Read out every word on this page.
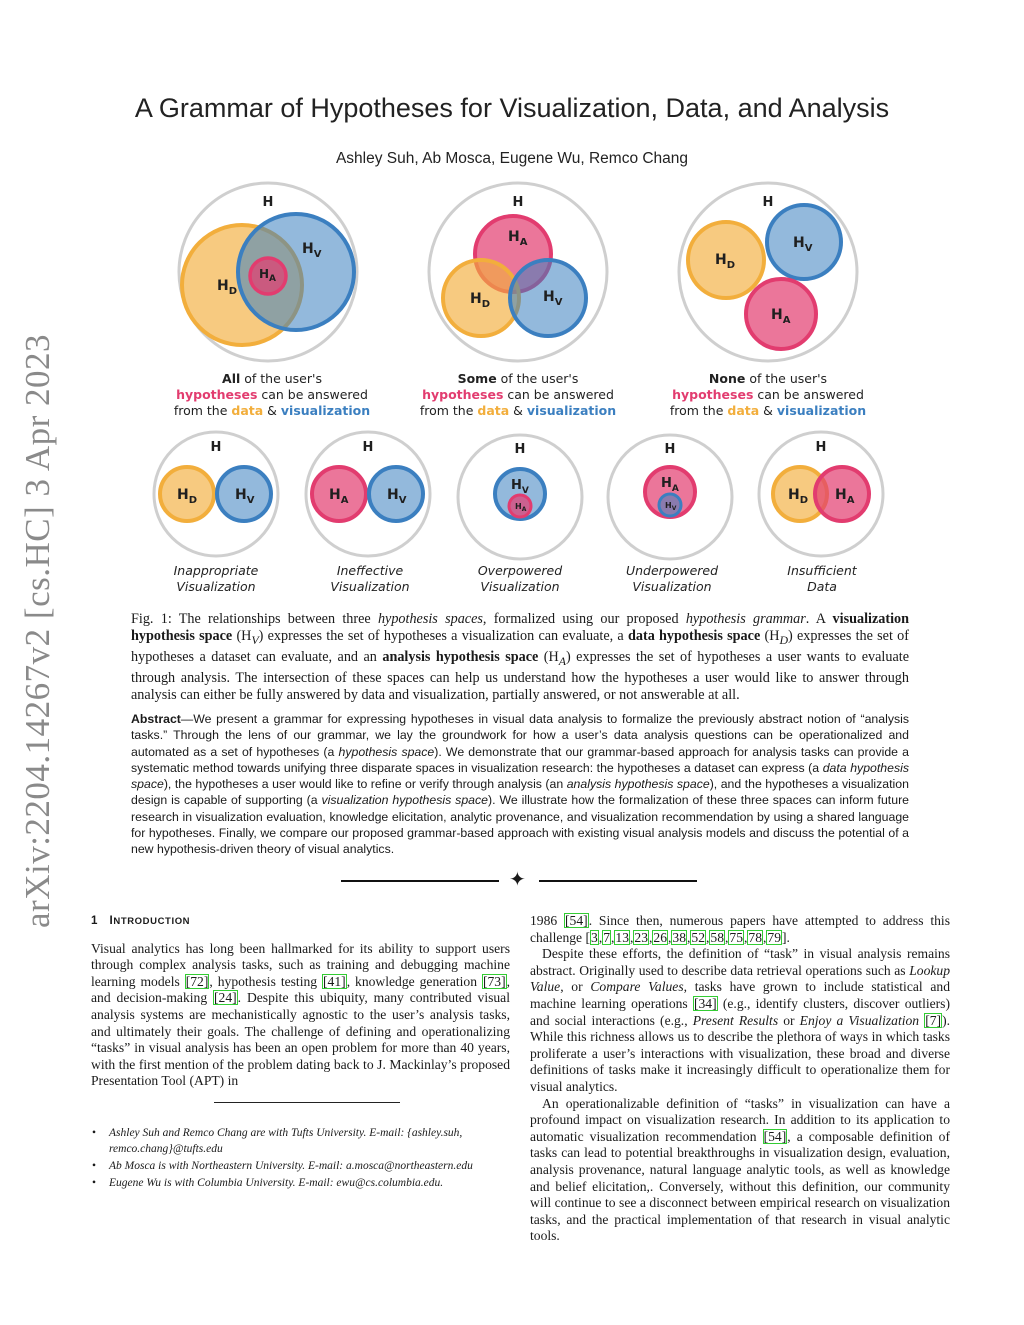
arXiv:2204.14267v2 [cs.HC] 3 Apr 2023
A Grammar of Hypotheses for Visualization, Data, and Analysis
Ashley Suh, Ab Mosca, Eugene Wu, Remco Chang
H
$H_D$
$H_V$
$H_A$
H
$H_A$
$H_D$	$H_V$
H
$H_D$
$H_V$
$H_A$
All of the user's
hypotheses can be answered
from the data & visualization
Some of the user's
hypotheses can be answered
from the data & visualization
None of the user's
hypotheses can be answered
from the data & visualization
H
$H_D$	$H_V$
H
$H_A$	$H_V$
H
$H_V$
$H_A$
H
$H_A$
$H_V$
H
$H_D$ $H_A$
Inappropriate
Visualization
Ineffective
Visualization
Overpowered
Visualization
Underpowered
Visualization
Insufficient
Data
Fig. 1: The relationships between three hypothesis spaces, formalized using our proposed hypothesis grammar. A visualization hypothesis space $(H_V)$ expresses the set of hypotheses a visualization can evaluate, a data hypothesis space $(H_D)$ expresses the set of hypotheses a dataset can evaluate, and an analysis hypothesis space $(H_A)$ expresses the set of hypotheses a user wants to evaluate through analysis. The intersection of these spaces can help us understand how the hypotheses a user would like to answer through analysis can either be fully answered by data and visualization, partially answered, or not answerable at all.
Abstract—We present a grammar for expressing hypotheses in visual data analysis to formalize the previously abstract notion of “analysis tasks.” Through the lens of our grammar, we lay the groundwork for how a user’s data analysis questions can be operationalized and automated as a set of hypotheses (a hypothesis space). We demonstrate that our grammar-based approach for analysis tasks can provide a systematic method towards unifying three disparate spaces in visualization research: the hypotheses a dataset can express (a data hypothesis space), the hypotheses a user would like to refine or verify through analysis (an analysis hypothesis space), and the hypotheses a visualization design is capable of supporting (a visualization hypothesis space). We illustrate how the formalization of these three spaces can inform future research in visualization evaluation, knowledge elicitation, analytic provenance, and visualization recommendation by using a shared language for hypotheses. Finally, we compare our proposed grammar-based approach with existing visual analysis models and discuss the potential of a new hypothesis-driven theory of visual analytics.
✦
1 INTRODUCTION

Visual analytics has long been hallmarked for its ability to support users through complex analysis tasks, such as training and debugging machine learning models [72], hypothesis testing [41], knowledge generation [73], and decision-making [24]. Despite this ubiquity, many contributed visual analysis systems are mechanistically agnostic to the user’s analysis tasks, and ultimately their goals. The challenge of defining and operationalizing “tasks” in visual analysis has been an open problem for more than 40 years, with the first mention of the problem dating back to J. Mackinlay’s proposed Presentation Tool (APT) in

• Ashley Suh and Remco Chang are with Tufts University. E-mail: {ashley.suh, remco.chang}@tufts.edu
• Ab Mosca is with Northeastern University. E-mail: a.mosca@northeastern.edu
• Eugene Wu is with Columbia University. E-mail: ewu@cs.columbia.edu.

1986 [54]. Since then, numerous papers have attempted to address this challenge [3,7,13,23,26,38,52,58,75,78,79].

Despite these efforts, the definition of “task” in visual analysis remains abstract. Originally used to describe data retrieval operations such as Lookup Value, or Compare Values, tasks have grown to include statistical and machine learning operations [34] (e.g., identify clusters, discover outliers) and social interactions (e.g., Present Results or Enjoy a Visualization [7]). While this richness allows us to describe the plethora of ways in which tasks proliferate a user’s interactions with visualization, these broad and diverse definitions of tasks make it increasingly difficult to operationalize them for visual analytics.

An operationalizable definition of “tasks” in visualization can have a profound impact on visualization research. In addition to its application to automatic visualization recommendation [54], a composable definition of tasks can lead to potential breakthroughs in visualization design, evaluation, analysis provenance, natural language analytic tools, as well as knowledge and belief elicitation,. Conversely, without this definition, our community will continue to see a disconnect between empirical research on visualization tasks, and the practical implementation of that research in visual analytic tools.
